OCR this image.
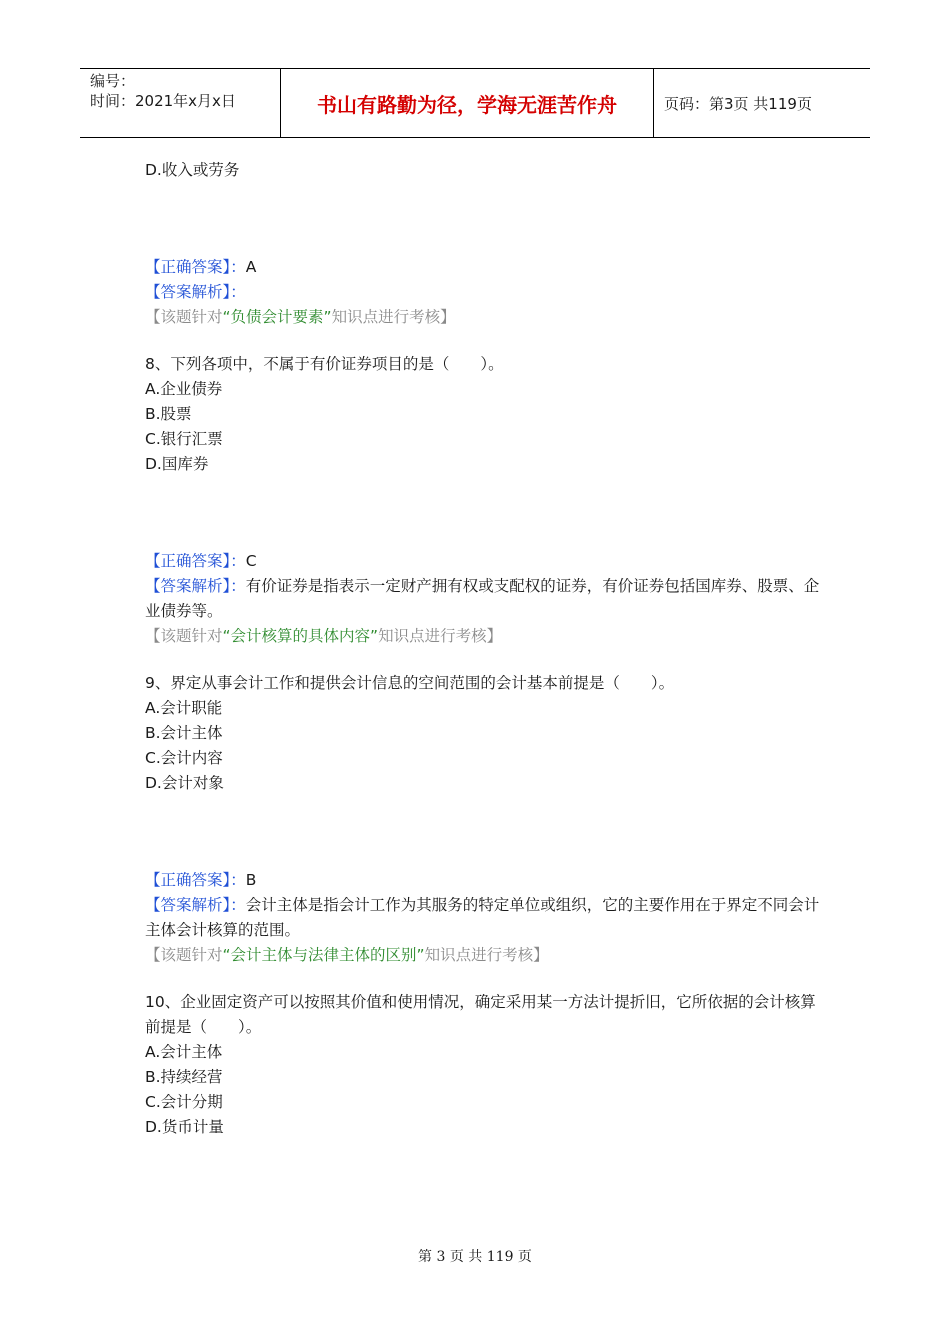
编号：
时间：2021年x月x日	书山有路勤为径，学海无涯苦作舟	页码：第3页 共119页
D.收入或劳务
【正确答案】：A
【答案解析】：
【该题针对“负债会计要素”知识点进行考核】
8、下列各项中，不属于有价证券项目的是（　　）。
A.企业债券
B.股票
C.银行汇票
D.国库券
【正确答案】：C
【答案解析】：有价证券是指表示一定财产拥有权或支配权的证券，有价证券包括国库券、股票、企业债券等。
【该题针对“会计核算的具体内容”知识点进行考核】
9、界定从事会计工作和提供会计信息的空间范围的会计基本前提是（　　）。
A.会计职能
B.会计主体
C.会计内容
D.会计对象
【正确答案】：B
【答案解析】：会计主体是指会计工作为其服务的特定单位或组织，它的主要作用在于界定不同会计主体会计核算的范围。
【该题针对“会计主体与法律主体的区别”知识点进行考核】
10、企业固定资产可以按照其价值和使用情况，确定采用某一方法计提折旧，它所依据的会计核算前提是（　　）。
A.会计主体
B.持续经营
C.会计分期
D.货币计量
第 3 页 共 119 页
